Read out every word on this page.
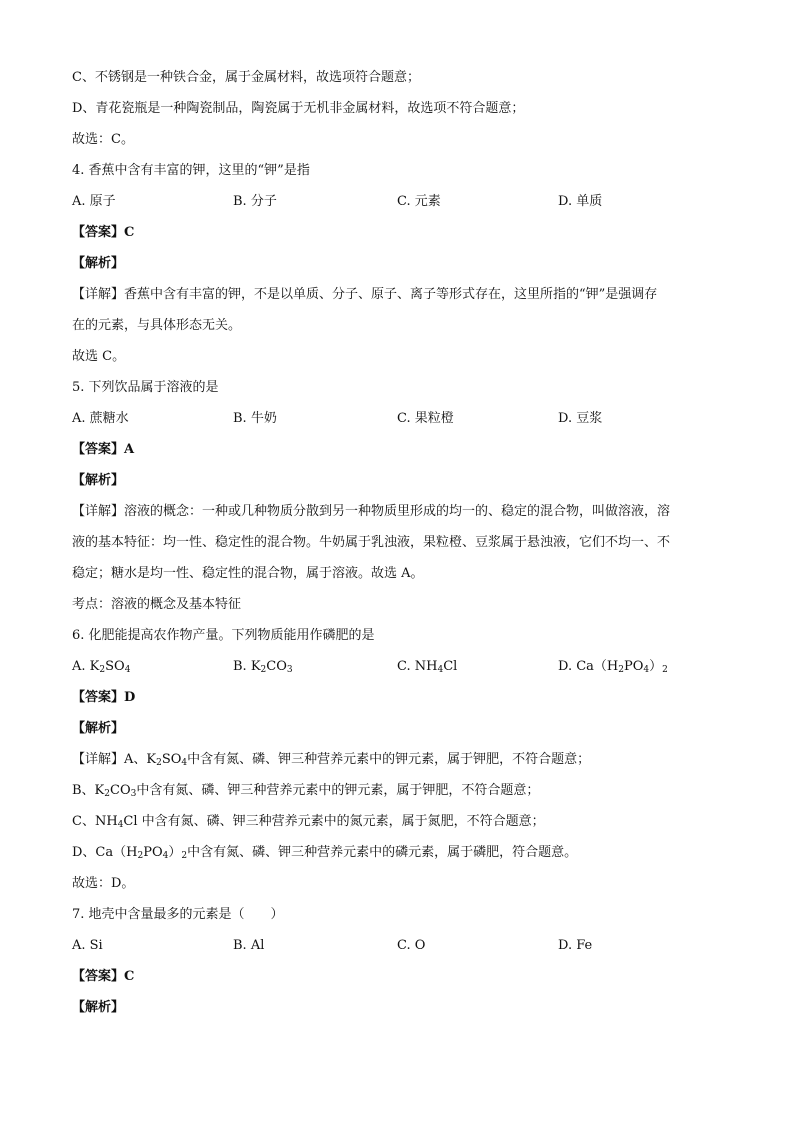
C、不锈钢是一种铁合金，属于金属材料，故选项符合题意；
D、青花瓷瓶是一种陶瓷制品，陶瓷属于无机非金属材料，故选项不符合题意；
故选：C。
4. 香蕉中含有丰富的钾，这里的“钾”是指
A. 原子	B. 分子	C. 元素	D. 单质
【答案】C
【解析】
【详解】香蕉中含有丰富的钾，不是以单质、分子、原子、离子等形式存在，这里所指的“钾”是强调存
在的元素，与具体形态无关。
故选 C。
5. 下列饮品属于溶液的是
A. 蔗糖水	B. 牛奶	C. 果粒橙	D. 豆浆
【答案】A
【解析】
【详解】溶液的概念：一种或几种物质分散到另一种物质里形成的均一的、稳定的混合物，叫做溶液，溶
液的基本特征：均一性、稳定性的混合物。牛奶属于乳浊液，果粒橙、豆浆属于悬浊液，它们不均一、不
稳定；糖水是均一性、稳定性的混合物，属于溶液。故选 A。
考点：溶液的概念及基本特征
6. 化肥能提高农作物产量。下列物质能用作磷肥的是
A. $K_2SO_4$	B. $K_2CO_3$	C. $NH_4Cl$	D. $Ca(H_2PO_4)_2$
【答案】D
【解析】
【详解】A、$K_2SO_4$中含有氮、磷、钾三种营养元素中的钾元素，属于钾肥，不符合题意；
B、$K_2CO_3$中含有氮、磷、钾三种营养元素中的钾元素，属于钾肥，不符合题意；
C、$NH_4Cl$ 中含有氮、磷、钾三种营养元素中的氮元素，属于氮肥，不符合题意；
D、$Ca(H_2PO_4)_2$中含有氮、磷、钾三种营养元素中的磷元素，属于磷肥，符合题意。
故选：D。
7. 地壳中含量最多的元素是（　　）
A. Si	B. Al	C. O	D. Fe
【答案】C
【解析】
